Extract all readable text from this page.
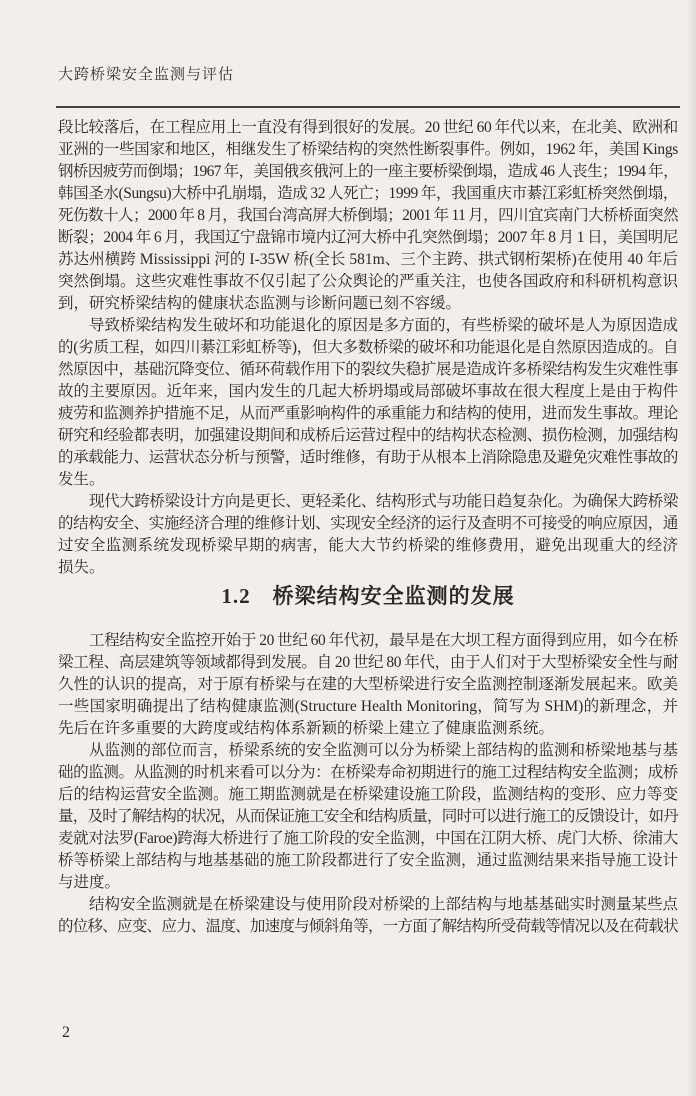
大跨桥梁安全监测与评估
段比较落后，在工程应用上一直没有得到很好的发展。20 世纪 60 年代以来，在北美、欧洲和
亚洲的一些国家和地区，相继发生了桥梁结构的突然性断裂事件。例如，1962 年，美国 Kings
钢桥因疲劳而倒塌；1967 年，美国俄亥俄河上的一座主要桥梁倒塌，造成 46 人丧生；1994 年，
韩国圣水(Sungsu)大桥中孔崩塌，造成 32 人死亡；1999 年，我国重庆市綦江彩虹桥突然倒塌，
死伤数十人；2000 年 8 月，我国台湾高屏大桥倒塌；2001 年 11 月，四川宜宾南门大桥桥面突然
断裂；2004 年 6 月，我国辽宁盘锦市境内辽河大桥中孔突然倒塌；2007 年 8 月 1 日，美国明尼
苏达州横跨 Mississippi 河的 I-35W 桥(全长 581m、三个主跨、拱式钢桁架桥)在使用 40 年后
突然倒塌。这些灾难性事故不仅引起了公众舆论的严重关注，也使各国政府和科研机构意识
到，研究桥梁结构的健康状态监测与诊断问题已刻不容缓。
导致桥梁结构发生破坏和功能退化的原因是多方面的，有些桥梁的破坏是人为原因造成
的(劣质工程，如四川綦江彩虹桥等)，但大多数桥梁的破坏和功能退化是自然原因造成的。自
然原因中，基础沉降变位、循环荷载作用下的裂纹失稳扩展是造成许多桥梁结构发生灾难性事
故的主要原因。近年来，国内发生的几起大桥坍塌或局部破坏事故在很大程度上是由于构件
疲劳和监测养护措施不足，从而严重影响构件的承重能力和结构的使用，进而发生事故。理论
研究和经验都表明，加强建设期间和成桥后运营过程中的结构状态检测、损伤检测，加强结构
的承载能力、运营状态分析与预警，适时维修，有助于从根本上消除隐患及避免灾难性事故的
发生。
现代大跨桥梁设计方向是更长、更轻柔化、结构形式与功能日趋复杂化。为确保大跨桥梁
的结构安全、实施经济合理的维修计划、实现安全经济的运行及查明不可接受的响应原因，通
过安全监测系统发现桥梁早期的病害，能大大节约桥梁的维修费用，避免出现重大的经济
损失。
1.2 桥梁结构安全监测的发展
工程结构安全监控开始于 20 世纪 60 年代初，最早是在大坝工程方面得到应用，如今在桥
梁工程、高层建筑等领域都得到发展。自 20 世纪 80 年代，由于人们对于大型桥梁安全性与耐
久性的认识的提高，对于原有桥梁与在建的大型桥梁进行安全监测控制逐渐发展起来。欧美
一些国家明确提出了结构健康监测(Structure Health Monitoring，简写为 SHM)的新理念，并
先后在许多重要的大跨度或结构体系新颖的桥梁上建立了健康监测系统。
从监测的部位而言，桥梁系统的安全监测可以分为桥梁上部结构的监测和桥梁地基与基
础的监测。从监测的时机来看可以分为：在桥梁寿命初期进行的施工过程结构安全监测；成桥
后的结构运营安全监测。施工期监测就是在桥梁建设施工阶段，监测结构的变形、应力等变
量，及时了解结构的状况，从而保证施工安全和结构质量，同时可以进行施工的反馈设计，如丹
麦就对法罗(Faroe)跨海大桥进行了施工阶段的安全监测，中国在江阴大桥、虎门大桥、徐浦大
桥等桥梁上部结构与地基基础的施工阶段都进行了安全监测，通过监测结果来指导施工设计
与进度。
结构安全监测就是在桥梁建设与使用阶段对桥梁的上部结构与地基基础实时测量某些点
的位移、应变、应力、温度、加速度与倾斜角等，一方面了解结构所受荷载等情况以及在荷载状
2
